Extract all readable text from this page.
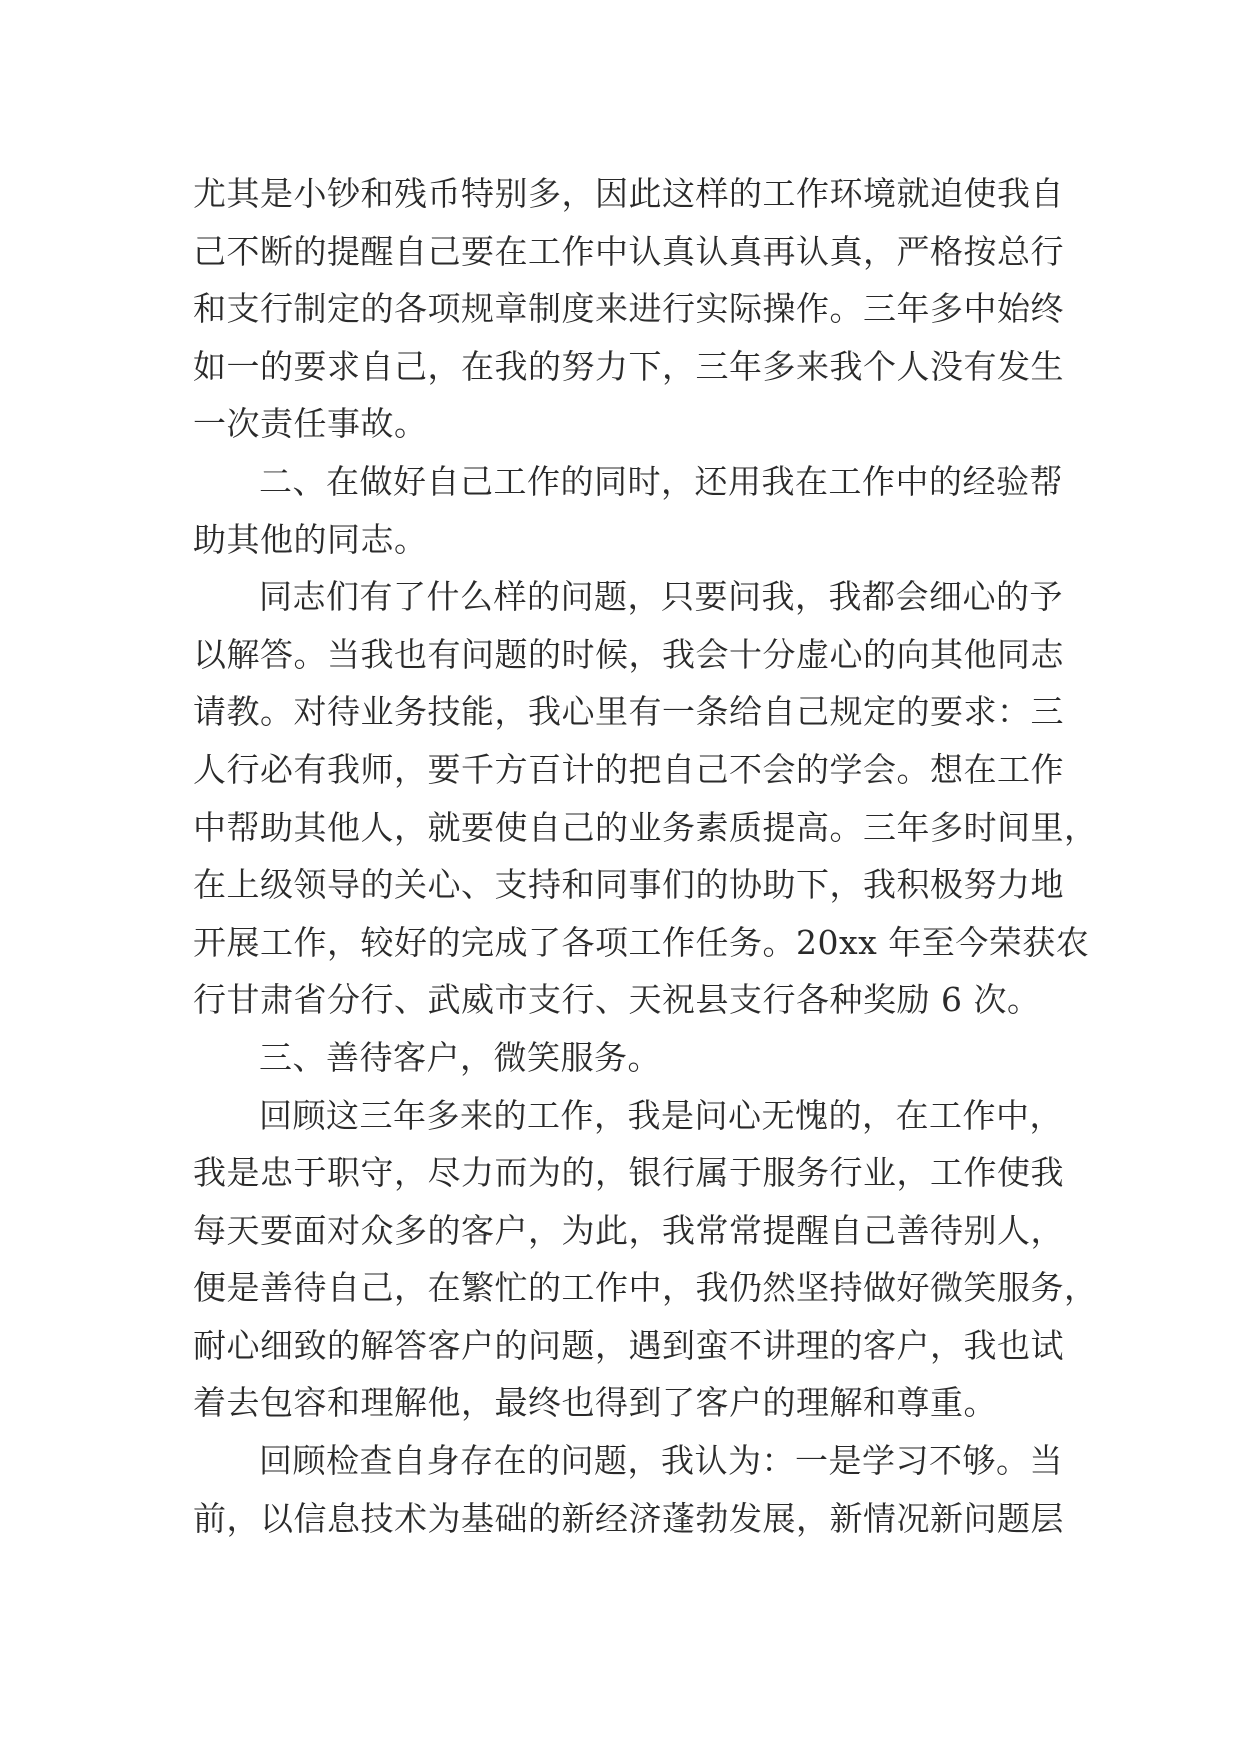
尤其是小钞和残币特别多，因此这样的工作环境就迫使我自
己不断的提醒自己要在工作中认真认真再认真，严格按总行
和支行制定的各项规章制度来进行实际操作。三年多中始终
如一的要求自己，在我的努力下，三年多来我个人没有发生
一次责任事故。
二、在做好自己工作的同时，还用我在工作中的经验帮
助其他的同志。
同志们有了什么样的问题，只要问我，我都会细心的予
以解答。当我也有问题的时候，我会十分虚心的向其他同志
请教。对待业务技能，我心里有一条给自己规定的要求：三
人行必有我师，要千方百计的把自己不会的学会。想在工作
中帮助其他人，就要使自己的业务素质提高。三年多时间里，
在上级领导的关心、支持和同事们的协助下，我积极努力地
开展工作，较好的完成了各项工作任务。20xx 年至今荣获农
行甘肃省分行、武威市支行、天祝县支行各种奖励 6 次。
三、善待客户，微笑服务。
回顾这三年多来的工作，我是问心无愧的，在工作中，
我是忠于职守，尽力而为的，银行属于服务行业，工作使我
每天要面对众多的客户，为此，我常常提醒自己善待别人，
便是善待自己，在繁忙的工作中，我仍然坚持做好微笑服务，
耐心细致的解答客户的问题，遇到蛮不讲理的客户，我也试
着去包容和理解他，最终也得到了客户的理解和尊重。
回顾检查自身存在的问题，我认为：一是学习不够。当
前，以信息技术为基础的新经济蓬勃发展，新情况新问题层
